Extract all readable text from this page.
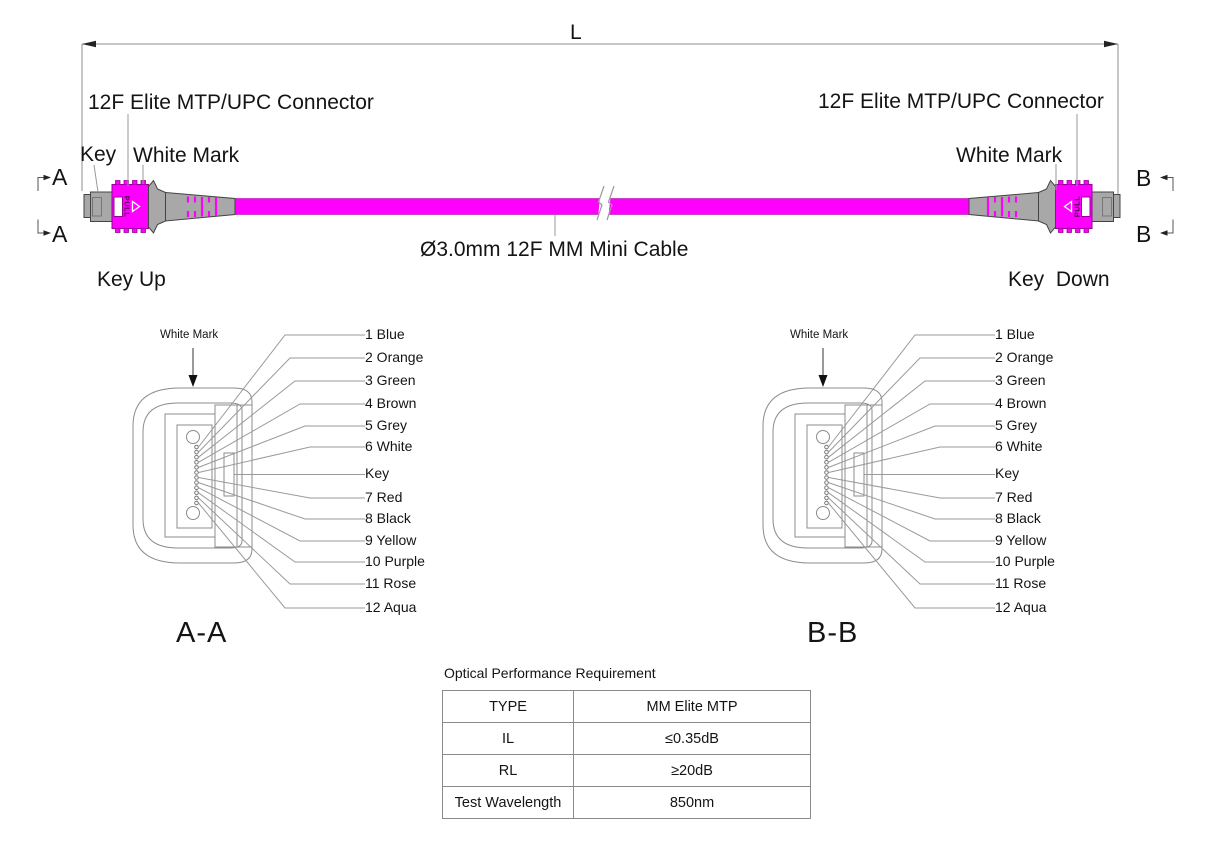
PULL	PULL
L
12F Elite MTP/UPC Connector	12F Elite MTP/UPC Connector
Key White Mark	White Mark
A
A
B
B
Key Up	Key  Down
Ø3.0mm 12F MM Mini Cable
White Mark	White Mark
A-A	B-B
1 Blue
2 Orange
3 Green
4 Brown
5 Grey
6 White
Key
7 Red
8 Black
9 Yellow
10 Purple
11 Rose
12 Aqua
1 Blue
2 Orange
3 Green
4 Brown
5 Grey
6 White
Key
7 Red
8 Black
9 Yellow
10 Purple
11 Rose
12 Aqua
Optical Performance Requirement
TYPE	MM Elite MTP
IL	≤0.35dB
RL	≥20dB
Test Wavelength	850nm
